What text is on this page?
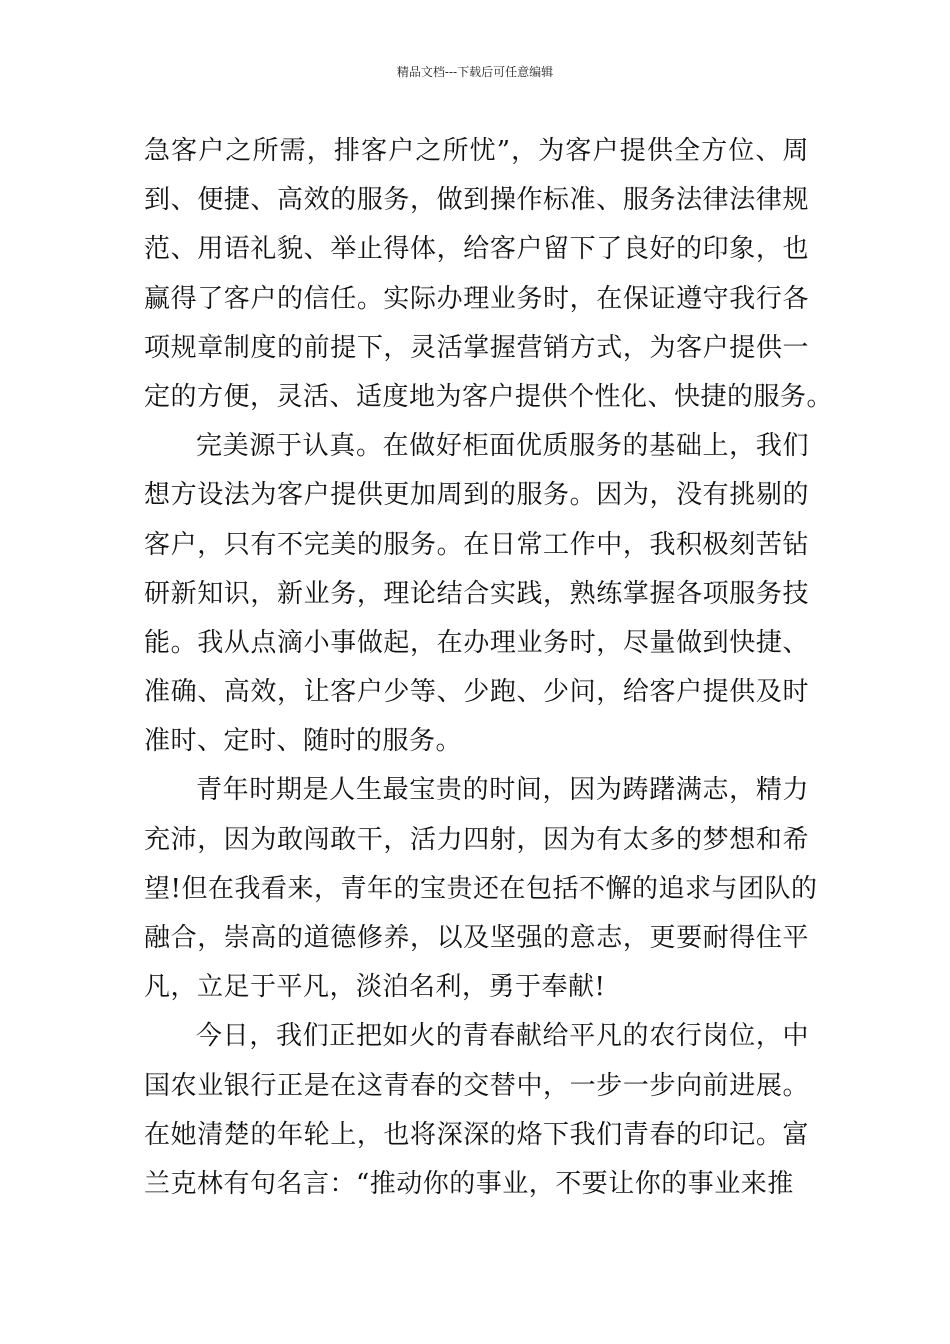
精品文档---下载后可任意编辑
急客户之所需，排客户之所忧”，为客户提供全方位、周
到、便捷、高效的服务，做到操作标准、服务法律法律规
范、用语礼貌、举止得体，给客户留下了良好的印象，也
赢得了客户的信任。实际办理业务时，在保证遵守我行各
项规章制度的前提下，灵活掌握营销方式，为客户提供一
定的方便，灵活、适度地为客户提供个性化、快捷的服务。
完美源于认真。在做好柜面优质服务的基础上，我们
想方设法为客户提供更加周到的服务。因为，没有挑剔的
客户，只有不完美的服务。在日常工作中，我积极刻苦钻
研新知识，新业务，理论结合实践，熟练掌握各项服务技
能。我从点滴小事做起，在办理业务时，尽量做到快捷、
准确、高效，让客户少等、少跑、少问，给客户提供及时
准时、定时、随时的服务。
青年时期是人生最宝贵的时间，因为踌躇满志，精力
充沛，因为敢闯敢干，活力四射，因为有太多的梦想和希
望!但在我看来，青年的宝贵还在包括不懈的追求与团队的
融合，崇高的道德修养，以及坚强的意志，更要耐得住平
凡，立足于平凡，淡泊名利，勇于奉献!
今日，我们正把如火的青春献给平凡的农行岗位，中
国农业银行正是在这青春的交替中，一步一步向前进展。
在她清楚的年轮上，也将深深的烙下我们青春的印记。富
兰克林有句名言：“推动你的事业，不要让你的事业来推
